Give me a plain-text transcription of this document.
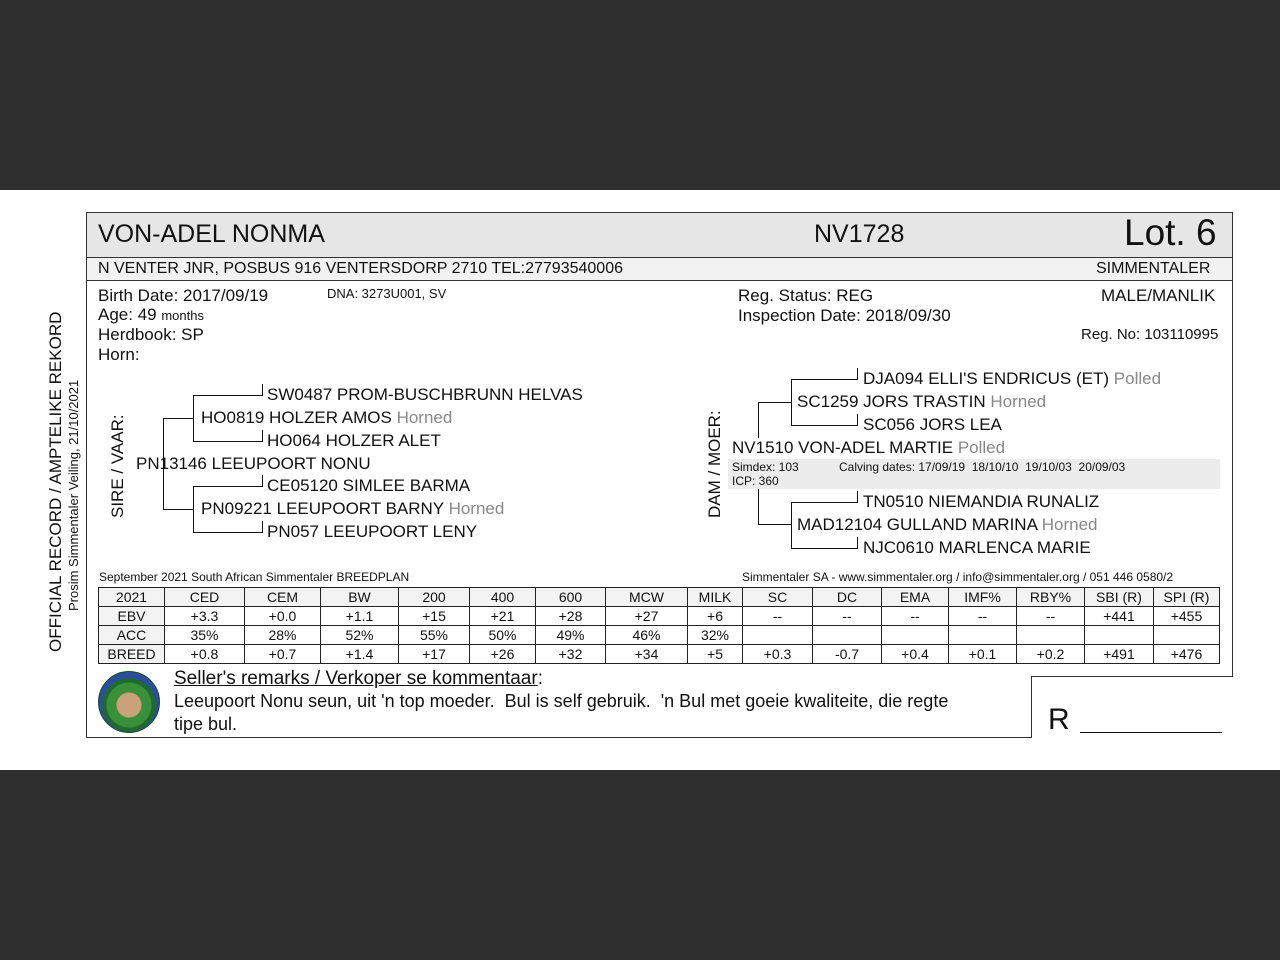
OFFICIAL RECORD / AMPTELIKE REKORD Prosim Simmentaler Veiling, 21/10/2021
VON-ADEL NONMA	NV1728	Lot. 6
N VENTER JNR, POSBUS 916 VENTERSDORP 2710 TEL:27793540006	SIMMENTALER
Birth Date: 2017/09/19	DNA: 3273U001, SV
Age: 49 months
Herdbook: SP
Horn:
Reg. Status: REG
Inspection Date: 2018/09/30
MALE/MANLIK
Reg. No: 103110995
SIRE / VAAR:
SW0487 PROM-BUSCHBRUNN HELVAS
HO0819 HOLZER AMOS Horned
HO064 HOLZER ALET
PN13146 LEEUPOORT NONU
CE05120 SIMLEE BARMA
PN09221 LEEUPOORT BARNY Horned
PN057 LEEUPOORT LENY
DAM / MOER:
DJA094 ELLI'S ENDRICUS (ET) Polled
SC1259 JORS TRASTIN Horned
SC056 JORS LEA
NV1510 VON-ADEL MARTIE Polled
Simdex: 103	Calving dates: 17/09/19  18/10/10  19/10/03  20/09/03
ICP: 360
TN0510 NIEMANDIA RUNALIZ
MAD12104 GULLAND MARINA Horned
NJC0610 MARLENCA MARIE
September 2021 South African Simmentaler BREEDPLAN	Simmentaler SA - www.simmentaler.org / info@simmentaler.org / 051 446 0580/2
2021	CED	CEM	BW	200	400	600	MCW	MILK	SC	DC	EMA	IMF%	RBY%	SBI (R)	SPI (R)
EBV	+3.3	+0.0	+1.1	+15	+21	+28	+27	+6	--	--	--	--	--	+441	+455
ACC	35%	28%	52%	55%	50%	49%	46%	32%							
BREED	+0.8	+0.7	+1.4	+17	+26	+32	+34	+5	+0.3	-0.7	+0.4	+0.1	+0.2	+491	+476
Seller's remarks / Verkoper se kommentaar:
Leeupoort Nonu seun, uit 'n top moeder.  Bul is self gebruik.  'n Bul met goeie kwaliteite, die regte
tipe bul.	R
